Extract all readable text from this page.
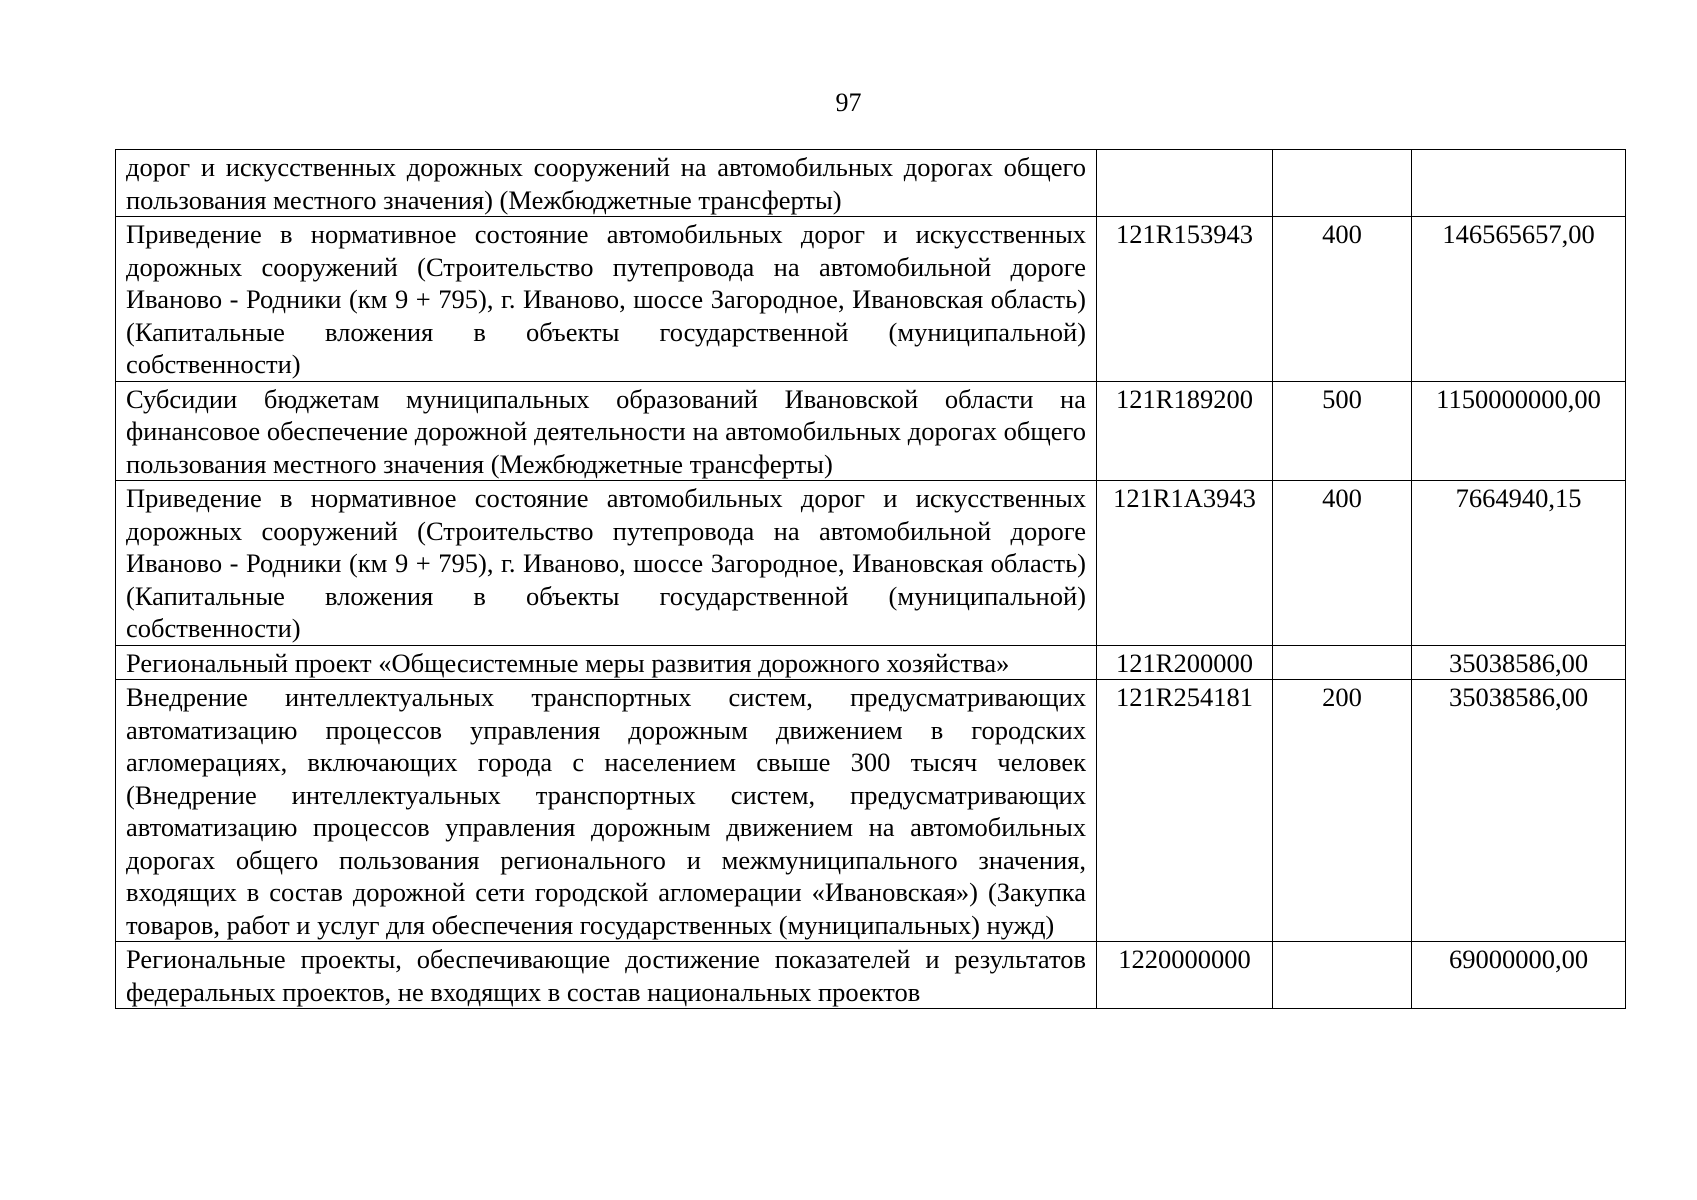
97
дорог и искусственных дорожных сооружений на автомобильных дорогах общего пользования местного значения) (Межбюджетные трансферты)			
Приведение в нормативное состояние автомобильных дорог и искусственных дорожных сооружений (Строительство путепровода на автомобильной дороге Иваново - Родники (км 9 + 795), г. Иваново, шоссе Загородное, Ивановская область) (Капитальные вложения в объекты государственной (муниципальной) собственности)	121R153943	400	146565657,00
Субсидии бюджетам муниципальных образований Ивановской области на финансовое обеспечение дорожной деятельности на автомобильных дорогах общего пользования местного значения (Межбюджетные трансферты)	121R189200	500	1150000000,00
Приведение в нормативное состояние автомобильных дорог и искусственных дорожных сооружений (Строительство путепровода на автомобильной дороге Иваново - Родники (км 9 + 795), г. Иваново, шоссе Загородное, Ивановская область) (Капитальные вложения в объекты государственной (муниципальной) собственности)	121R1A3943	400	7664940,15
Региональный проект «Общесистемные меры развития дорожного хозяйства»	121R200000		35038586,00
Внедрение интеллектуальных транспортных систем, предусматривающих автоматизацию процессов управления дорожным движением в городских агломерациях, включающих города с населением свыше 300 тысяч человек (Внедрение интеллектуальных транспортных систем, предусматривающих автоматизацию процессов управления дорожным движением на автомобильных дорогах общего пользования регионального и межмуниципального значения, входящих в состав дорожной сети городской агломерации «Ивановская») (Закупка товаров, работ и услуг для обеспечения государственных (муниципальных) нужд)	121R254181	200	35038586,00
Региональные проекты, обеспечивающие достижение показателей и результатов федеральных проектов, не входящих в состав национальных проектов	1220000000		69000000,00
